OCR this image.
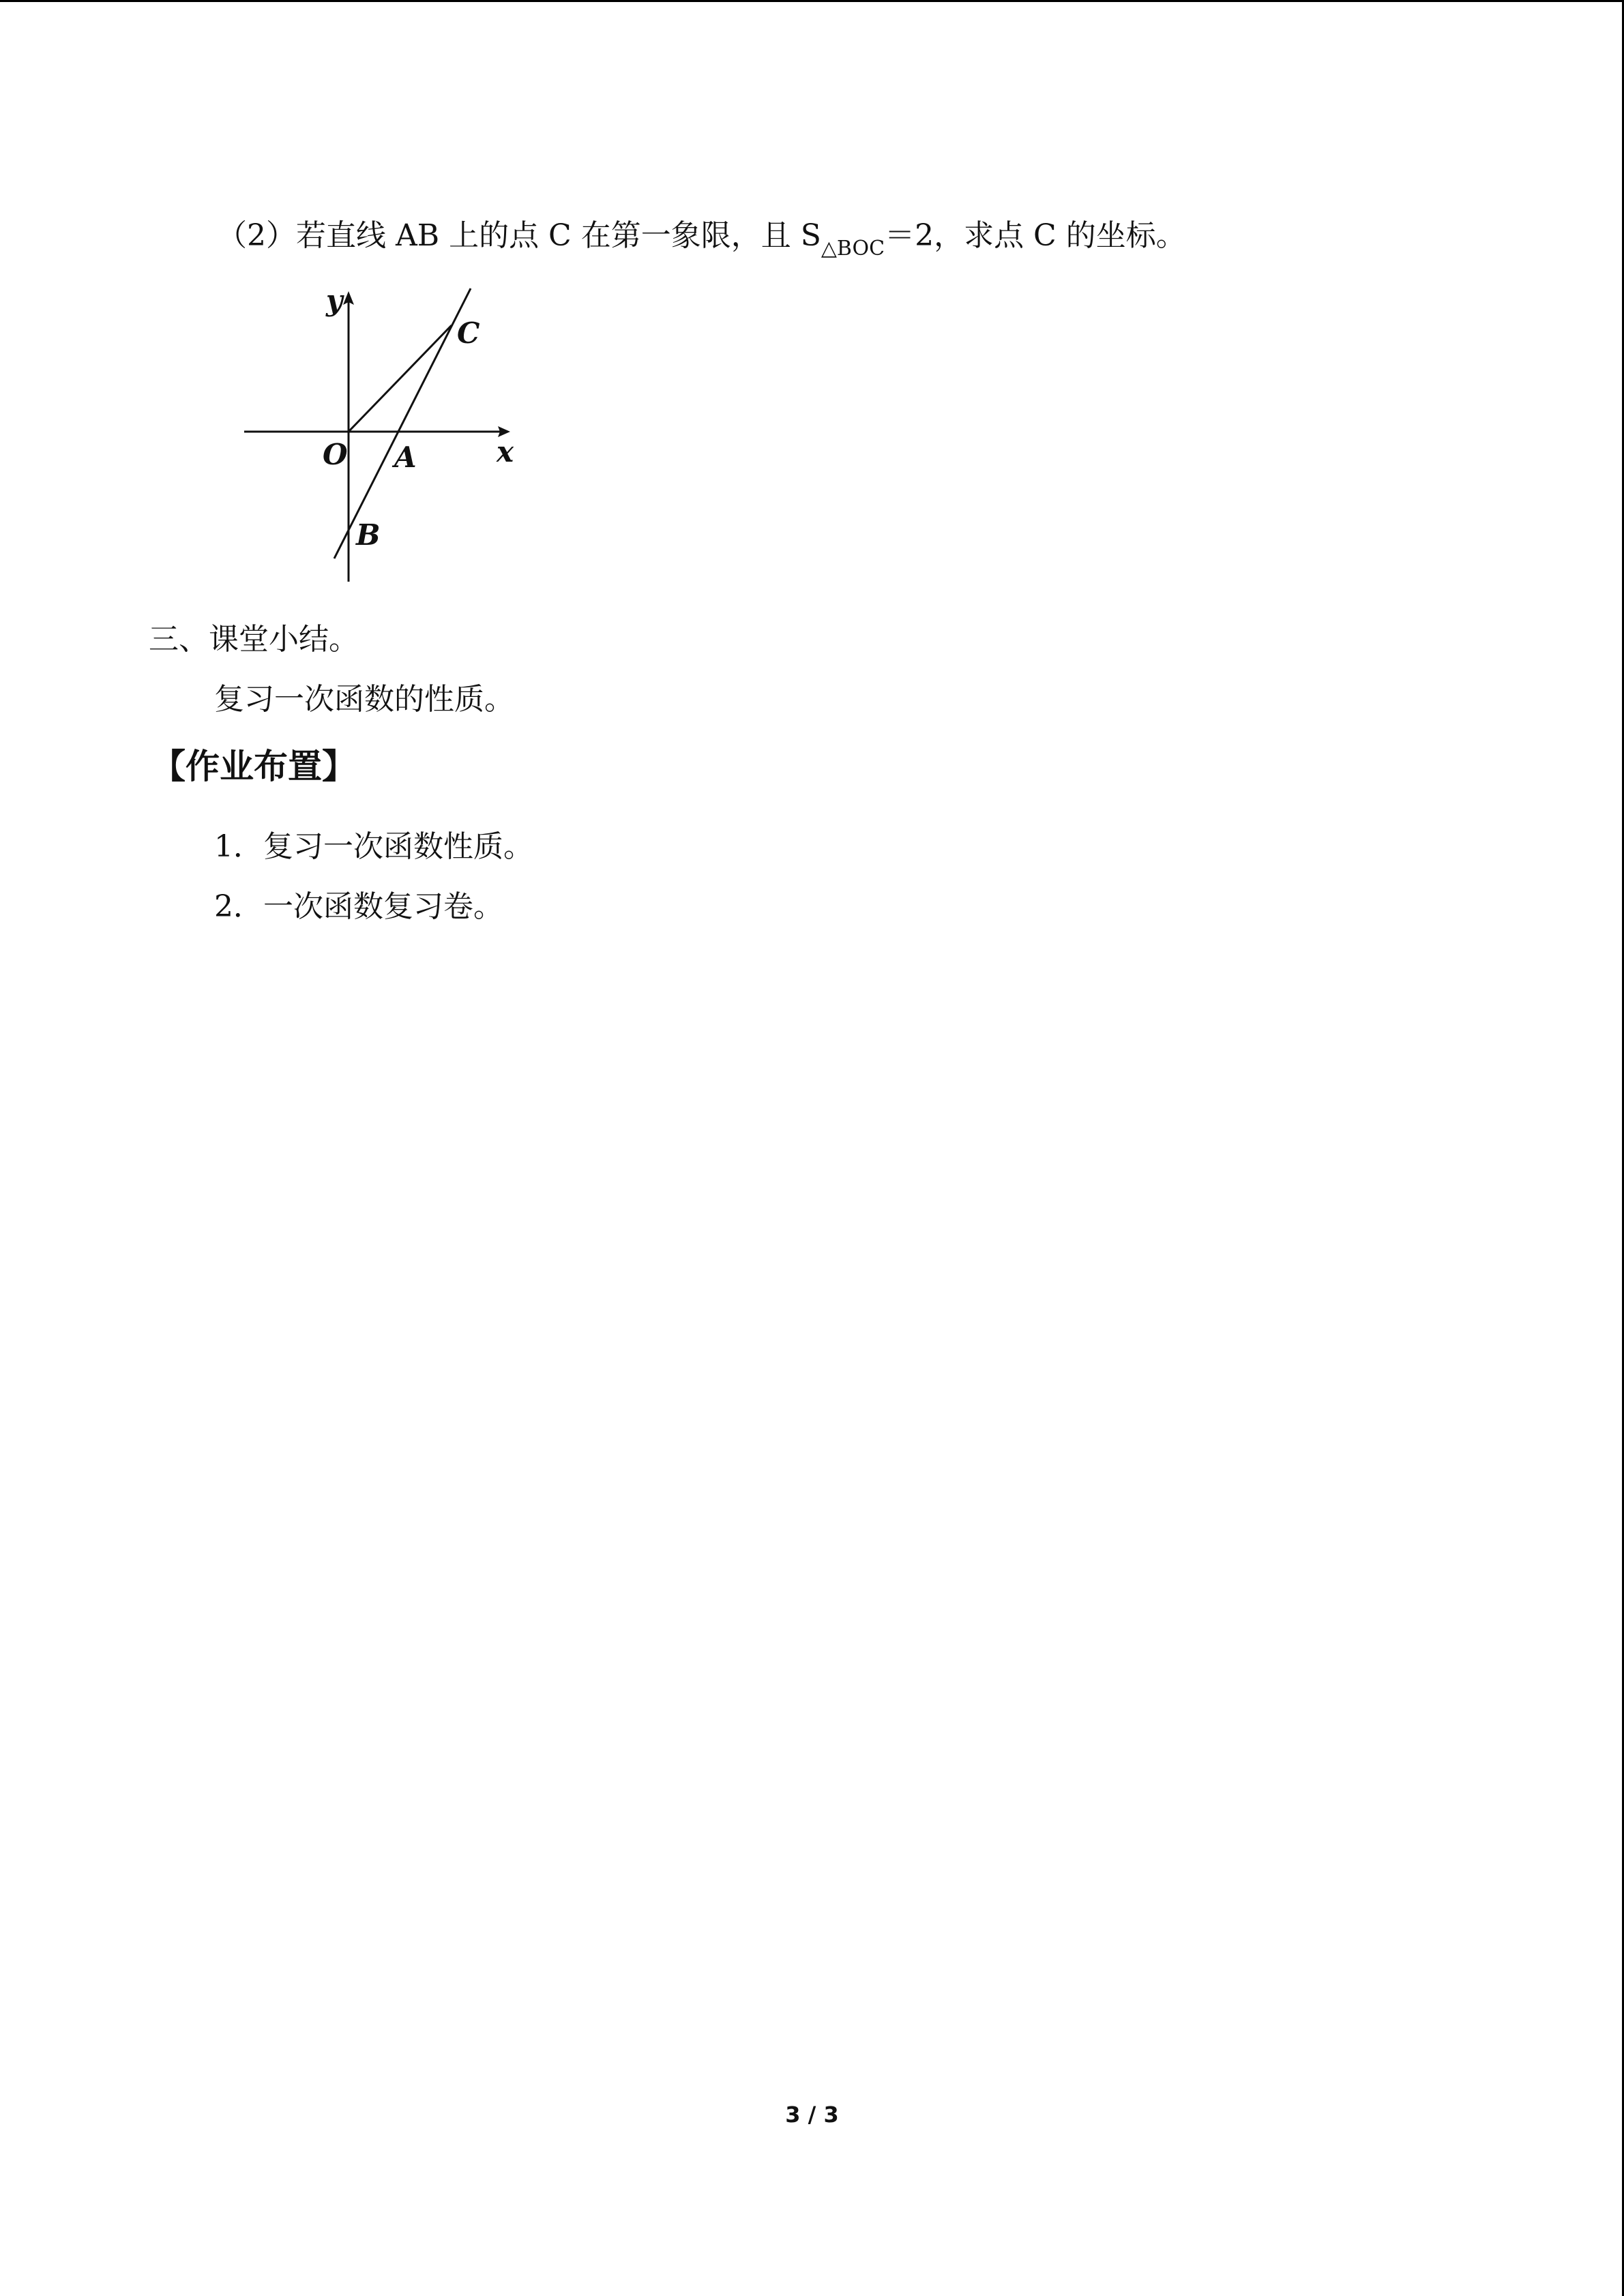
（2）若直线 AB 上的点 C 在第一象限，且 $S_{\triangle BOC}=2$，求点 C 的坐标。
y
x
O A
B
C
三、课堂小结。
复习一次函数的性质。
【作业布置】
1．复习一次函数性质。
2．一次函数复习卷。
3 / 3
